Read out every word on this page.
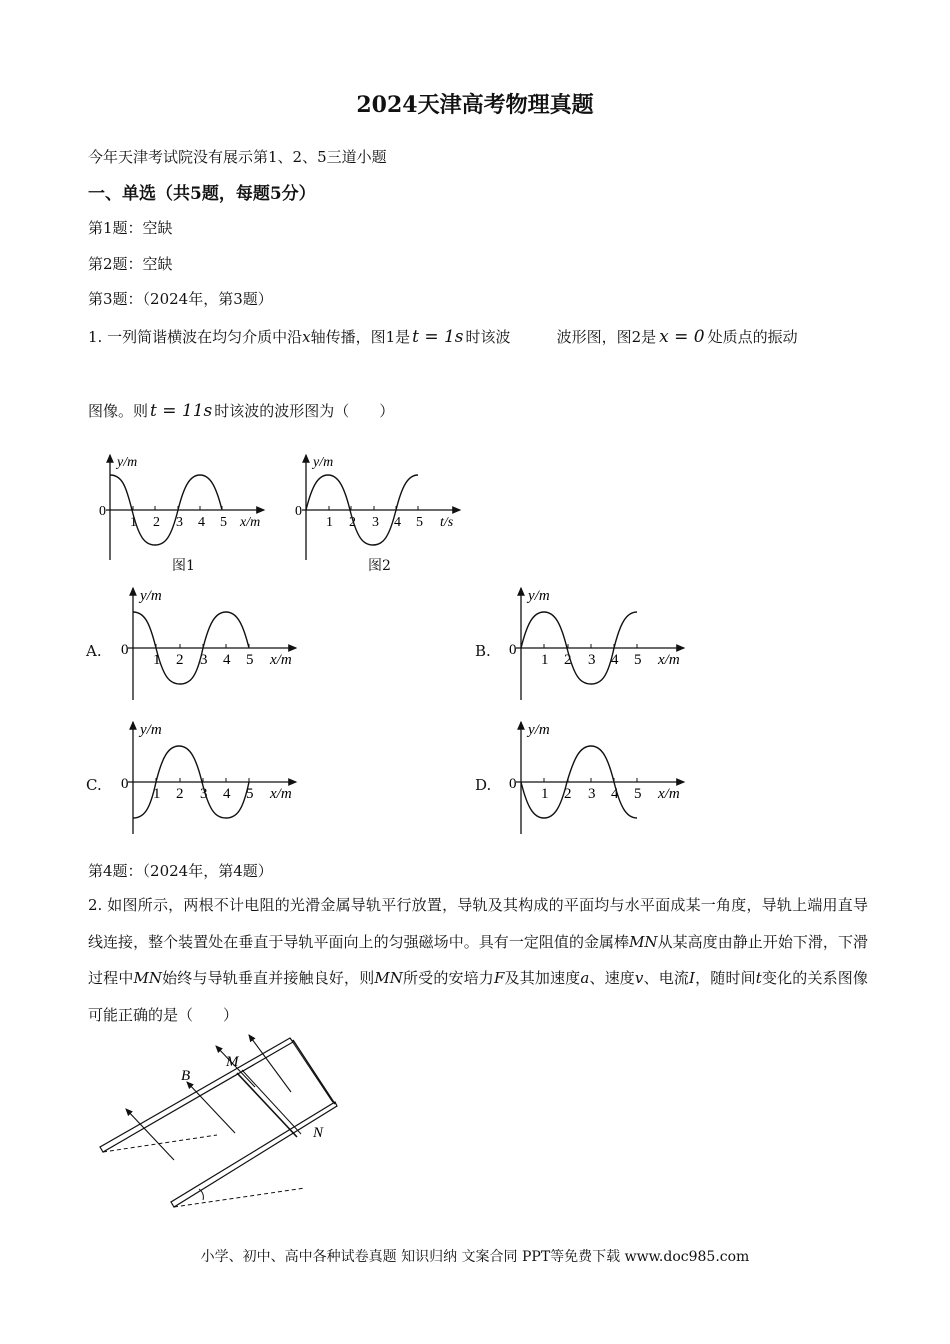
2024天津高考物理真题
今年天津考试院没有展示第1、2、5三道小题
一、单选（共5题，每题5分）
第1题：空缺
第2题：空缺
第3题：（2024年，第3题）
1. 一列简谐横波在均匀介质中沿x轴传播，图1是 t = 1s 时该波	波形图，图2是 x = 0 处质点的振动
图像。则 t = 11s 时该波的波形图为（　　）
y/m
0
1 2 3 4 5 x/m
图1
y/m
0
1 2 3 4 5 t/s
图2
A.
y/m
0
1 2 3 4 5 x/m	B.
y/m
0
1 2 3 4 5 x/m
C.
y/m
0
1 2 3 4 5 x/m	D.
y/m
0
1 2 3 4 5 x/m
第4题：（2024年，第4题）
2. 如图所示，两根不计电阻的光滑金属导轨平行放置，导轨及其构成的平面均与水平面成某一角度，导轨上端用直导线连接，整个装置处在垂直于导轨平面向上的匀强磁场中。具有一定阻值的金属棒MN从某高度由静止开始下滑，下滑过程中MN始终与导轨垂直并接触良好，则MN所受的安培力F及其加速度a、速度v、电流I，随时间t变化的关系图像可能正确的是（　　）
B
M
N
小学、初中、高中各种试卷真题 知识归纳 文案合同 PPT等免费下载 www.doc985.com
